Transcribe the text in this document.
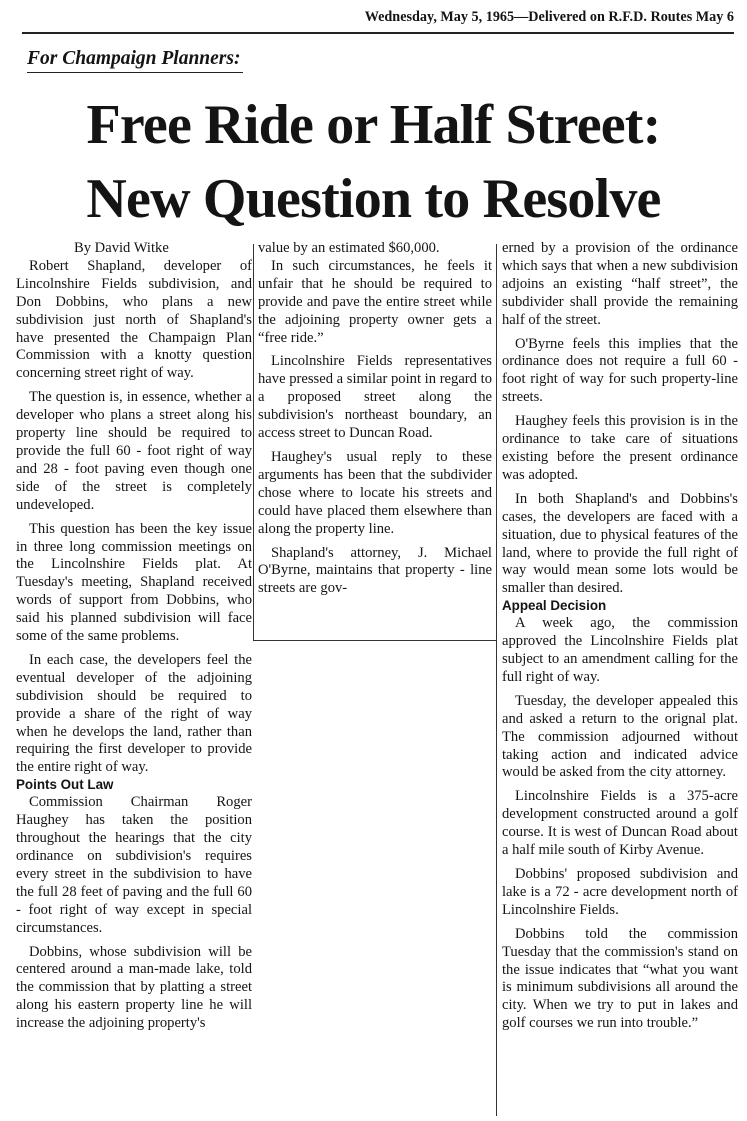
Wednesday, May 5, 1965—Delivered on R.F.D. Routes May 6
For Champaign Planners:
Free Ride or Half Street:
New Question to Resolve

By David Witke

Robert Shapland, developer of Lincolnshire Fields subdivision, and Don Dobbins, who plans a new subdivision just north of Shapland's have presented the Champaign Plan Commission with a knotty question concerning street right of way.

The question is, in essence, whether a developer who plans a street along his property line should be required to provide the full 60 - foot right of way and 28 - foot paving even though one side of the street is completely undeveloped.

This question has been the key issue in three long commission meetings on the Lincolnshire Fields plat. At Tuesday's meeting, Shapland received words of support from Dobbins, who said his planned subdivision will face some of the same problems.

In each case, the developers feel the eventual developer of the adjoining subdivision should be required to provide a share of the right of way when he develops the land, rather than requiring the first developer to provide the entire right of way.

Points Out Law

Commission Chairman Roger Haughey has taken the position throughout the hearings that the city ordinance on subdivision's requires every street in the subdivision to have the full 28 feet of paving and the full 60 - foot right of way except in special circumstances.

Dobbins, whose subdivision will be centered around a man-made lake, told the commission that by platting a street along his eastern property line he will increase the adjoining property's

value by an estimated $60,000.

In such circumstances, he feels it unfair that he should be required to provide and pave the entire street while the adjoining property owner gets a “free ride.”

Lincolnshire Fields representatives have pressed a similar point in regard to a proposed street along the subdivision's northeast boundary, an access street to Duncan Road.

Haughey's usual reply to these arguments has been that the subdivider chose where to locate his streets and could have placed them elsewhere than along the property line.

Shapland's attorney, J. Michael O'Byrne, maintains that property - line streets are gov-

erned by a provision of the ordinance which says that when a new subdivision adjoins an existing “half street”, the subdivider shall provide the remaining half of the street.

O'Byrne feels this implies that the ordinance does not require a full 60 - foot right of way for such property-line streets.

Haughey feels this provision is in the ordinance to take care of situations existing before the present ordinance was adopted.

In both Shapland's and Dobbins's cases, the developers are faced with a situation, due to physical features of the land, where to provide the full right of way would mean some lots would be smaller than desired.

Appeal Decision

A week ago, the commission approved the Lincolnshire Fields plat subject to an amendment calling for the full right of way.

Tuesday, the developer appealed this and asked a return to the orignal plat. The commission adjourned without taking action and indicated advice would be asked from the city attorney.

Lincolnshire Fields is a 375-acre development constructed around a golf course. It is west of Duncan Road about a half mile south of Kirby Avenue.

Dobbins' proposed subdivision and lake is a 72 - acre development north of Lincolnshire Fields.

Dobbins told the commission Tuesday that the commission's stand on the issue indicates that “what you want is minimum subdivisions all around the city. When we try to put in lakes and golf courses we run into trouble.”
